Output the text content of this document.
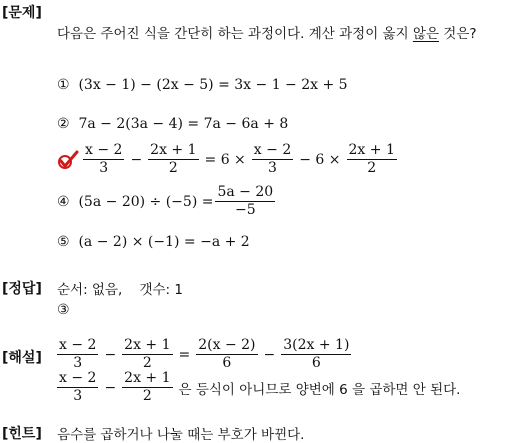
[문제]
다음은 주어진 식을 간단히 하는 과정이다. 계산 과정이 옳지 않은 것은?
① (3x − 1) − (2x − 5) = 3x − 1 − 2x + 5
② 7a − 2(3a − 4) = 7a − 6a + 8
$\frac{x - 2}{3} - \frac{2x + 1}{2} = 6 \times \frac{x - 2}{3} - 6 \times \frac{2x + 1}{2}$
④
$(5a - 20) \div (-5) = \frac{5a - 20}{-5}$
⑤ (a − 2) × (−1) = −a + 2
[정답] 순서: 없음,    갯수: 1
③
[해설] $\frac{x - 2}{3} - \frac{2x + 1}{2} = \frac{2(x - 2)}{6} - \frac{3(2x + 1)}{6}$
$\frac{x - 2}{3} - \frac{2x + 1}{2}$ 은 등식이 아니므로 양변에 6 을 곱하면 안 된다.
[힌트] 음수를 곱하거나 나눌 때는 부호가 바뀐다.
